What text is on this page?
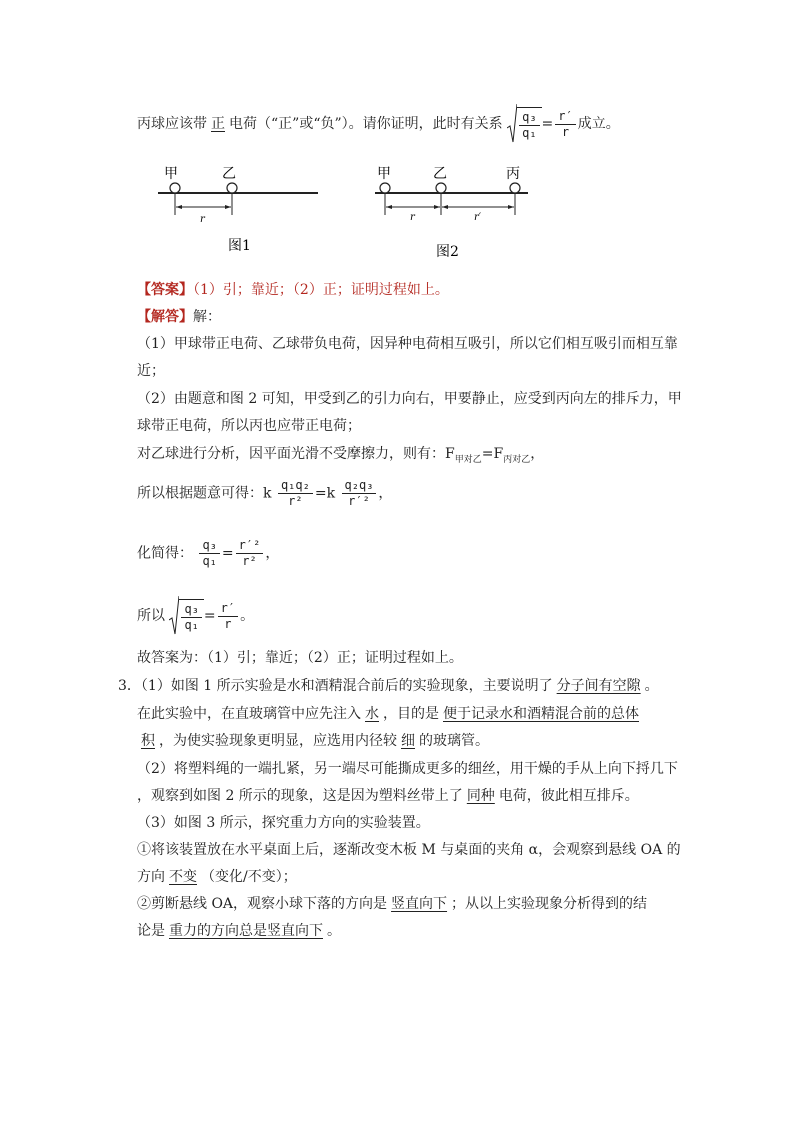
丙球应该带 正 电荷（“正”或“负”）。请你证明，此时有关系 $\frac{\text{q₃}}{\text{q₁}} = \frac{r'}{r}$ 成立。
甲	乙
r
图1
甲	乙	丙
r	r′
图2
【答案】（1）引；靠近；（2）正；证明过程如上。
【解答】解：
（1）甲球带正电荷、乙球带负电荷，因异种电荷相互吸引，所以它们相互吸引而相互靠
近；
（2）由题意和图 2 可知，甲受到乙的引力向右，甲要静止，应受到丙向左的排斥力，甲
球带正电荷，所以丙也应带正电荷；
对乙球进行分析，因平面光滑不受摩擦力，则有：$F_{甲对乙}=F_{丙对乙}$，
所以根据题意可得：k $\frac{\text{q₁q₂}}{\text{r²}} =k \frac{\text{q₂q₃}}{\text{r′²}}$ ，
化简得： $\frac{\text{q₃}}{\text{q₁}} = \frac{\text{r′²}}{\text{r²}}$ ，
所以 $\frac{\text{q₃}}{\text{q₁}} = \frac{r'}{r}$ 。
故答案为：（1）引；靠近；（2）正；证明过程如上。
3．（1）如图 1 所示实验是水和酒精混合前后的实验现象，主要说明了 分子间有空隙 。
在此实验中，在直玻璃管中应先注入 水 ，目的是 便于记录水和酒精混合前的总体
积 ，为使实验现象更明显，应选用内径较 细 的玻璃管。
（2）将塑料绳的一端扎紧，另一端尽可能撕成更多的细丝，用干燥的手从上向下捋几下
，观察到如图 2 所示的现象，这是因为塑料丝带上了 同种 电荷，彼此相互排斥。
（3）如图 3 所示，探究重力方向的实验装置。
①将该装置放在水平桌面上后，逐渐改变木板 M 与桌面的夹角 α，会观察到悬线 OA 的
方向 不变 （变化/不变）；
②剪断悬线 OA，观察小球下落的方向是 竖直向下 ；从以上实验现象分析得到的结
论是 重力的方向总是竖直向下 。
